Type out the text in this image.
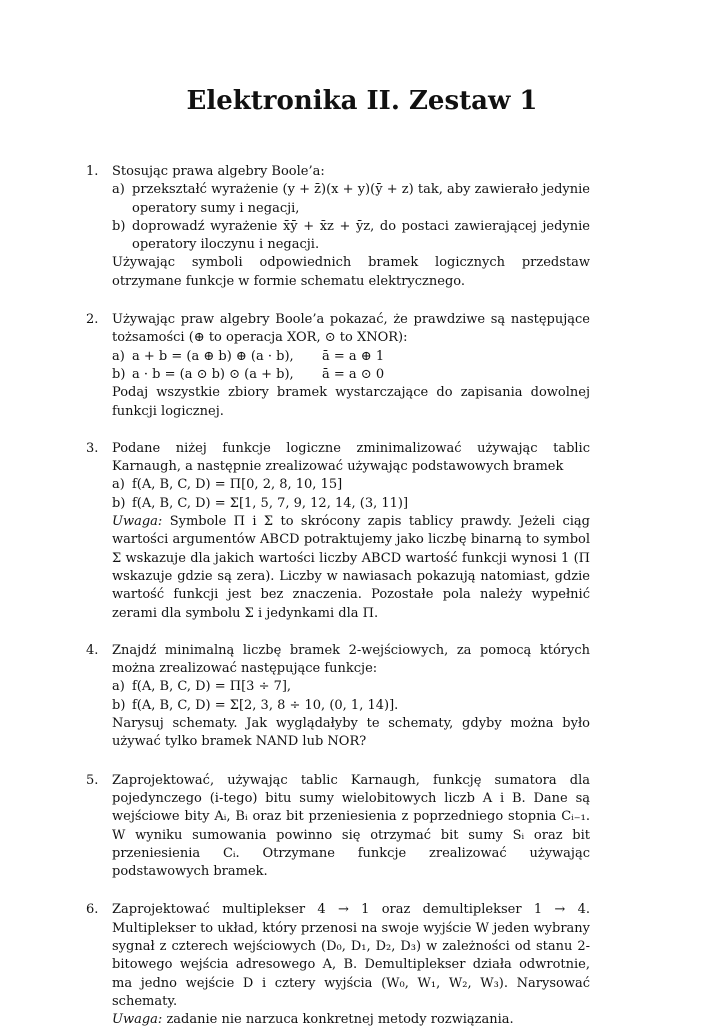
Elektronika II. Zestaw 1
1. Stosując prawa algebry Boole’a:
a) przekształć wyrażenie (y + z̄)(x + y)(ȳ + z) tak, aby zawierało jedynie operatory sumy i negacji,
b) doprowadź wyrażenie x̄ȳ + x̄z + ȳz, do postaci zawierającej jedynie operatory iloczynu i negacji.
Używając symboli odpowiednich bramek logicznych przedstaw otrzymane funkcje w formie schematu elektrycznego.
2. Używając praw algebry Boole’a pokazać, że prawdziwe są następujące tożsamości (⊕ to operacja XOR, ⊙ to XNOR):
a) a + b = (a ⊕ b) ⊕ (a · b),	ā = a ⊕ 1
b) a · b = (a ⊙ b) ⊙ (a + b),	ā = a ⊙ 0
Podaj wszystkie zbiory bramek wystarczające do zapisania dowolnej funkcji logicznej.
3. Podane niżej funkcje logiczne zminimalizować używając tablic Karnaugh, a następnie zrealizować używając podstawowych bramek
a) f(A, B, C, D) = Π[0, 2, 8, 10, 15]
b) f(A, B, C, D) = Σ[1, 5, 7, 9, 12, 14, (3, 11)]
Uwaga: Symbole Π i Σ to skrócony zapis tablicy prawdy. Jeżeli ciąg wartości argumentów ABCD potraktujemy jako liczbę binarną to symbol Σ wskazuje dla jakich wartości liczby ABCD wartość funkcji wynosi 1 (Π wskazuje gdzie są zera). Liczby w nawiasach pokazują natomiast, gdzie wartość funkcji jest bez znaczenia. Pozostałe pola należy wypełnić zerami dla symbolu Σ i jedynkami dla Π.
4. Znajdź minimalną liczbę bramek 2-wejściowych, za pomocą których można zrealizować następujące funkcje:
a) f(A, B, C, D) = Π[3 ÷ 7],
b) f(A, B, C, D) = Σ[2, 3, 8 ÷ 10, (0, 1, 14)].
Narysuj schematy. Jak wyglądałyby te schematy, gdyby można było używać tylko bramek NAND lub NOR?
5. Zaprojektować, używając tablic Karnaugh, funkcję sumatora dla pojedynczego (i-tego) bitu sumy wielobitowych liczb A i B. Dane są wejściowe bity Aᵢ, Bᵢ oraz bit przeniesienia z poprzedniego stopnia Cᵢ₋₁. W wyniku sumowania powinno się otrzymać bit sumy Sᵢ oraz bit przeniesienia Cᵢ. Otrzymane funkcje zrealizować używając podstawowych bramek.
6. Zaprojektować multiplekser 4 → 1 oraz demultiplekser 1 → 4. Multiplekser to układ, który przenosi na swoje wyjście W jeden wybrany sygnał z czterech wejściowych (D₀, D₁, D₂, D₃) w zależności od stanu 2-bitowego wejścia adresowego A, B. Demultiplekser działa odwrotnie, ma jedno wejście D i cztery wyjścia (W₀, W₁, W₂, W₃). Narysować schematy.
Uwaga: zadanie nie narzuca konkretnej metody rozwiązania.
